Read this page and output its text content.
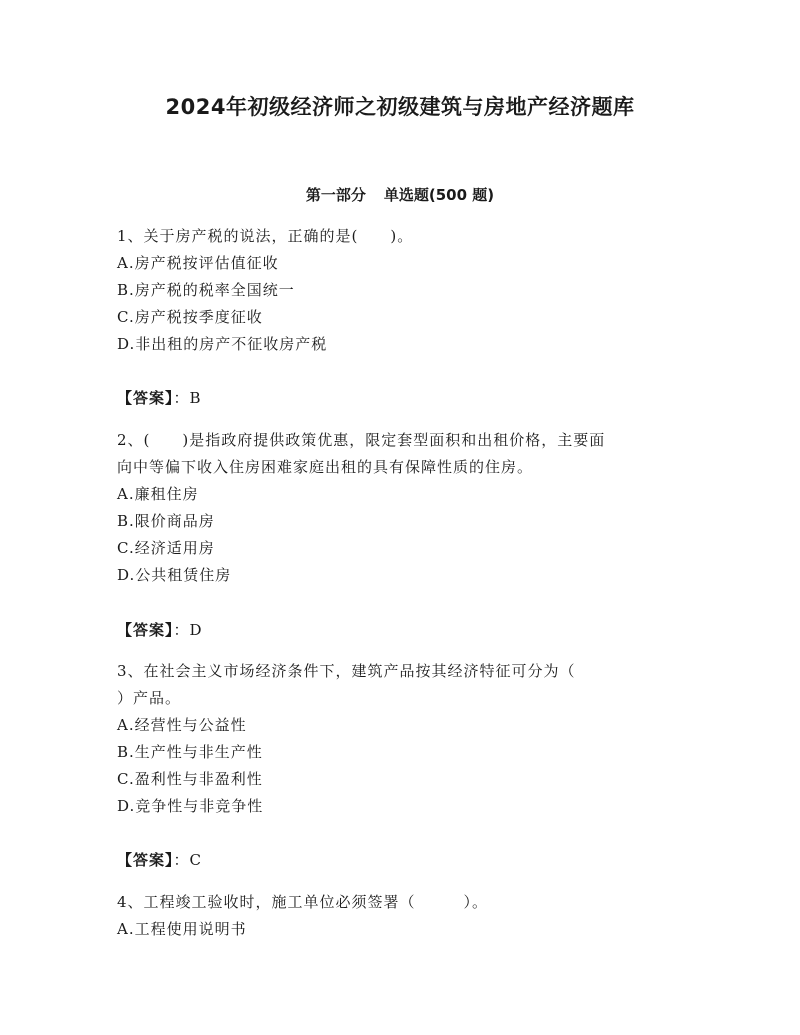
2024年初级经济师之初级建筑与房地产经济题库
第一部分 单选题(500 题)
1、关于房产税的说法，正确的是(　　)。
A.房产税按评估值征收
B.房产税的税率全国统一
C.房产税按季度征收
D.非出租的房产不征收房产税
【答案】：B
2、(　　)是指政府提供政策优惠，限定套型面积和出租价格，主要面
向中等偏下收入住房困难家庭出租的具有保障性质的住房。
A.廉租住房
B.限价商品房
C.经济适用房
D.公共租赁住房
【答案】：D
3、在社会主义市场经济条件下，建筑产品按其经济特征可分为（
）产品。
A.经营性与公益性
B.生产性与非生产性
C.盈利性与非盈利性
D.竞争性与非竞争性
【答案】：C
4、工程竣工验收时，施工单位必须签署（　　　）。
A.工程使用说明书
